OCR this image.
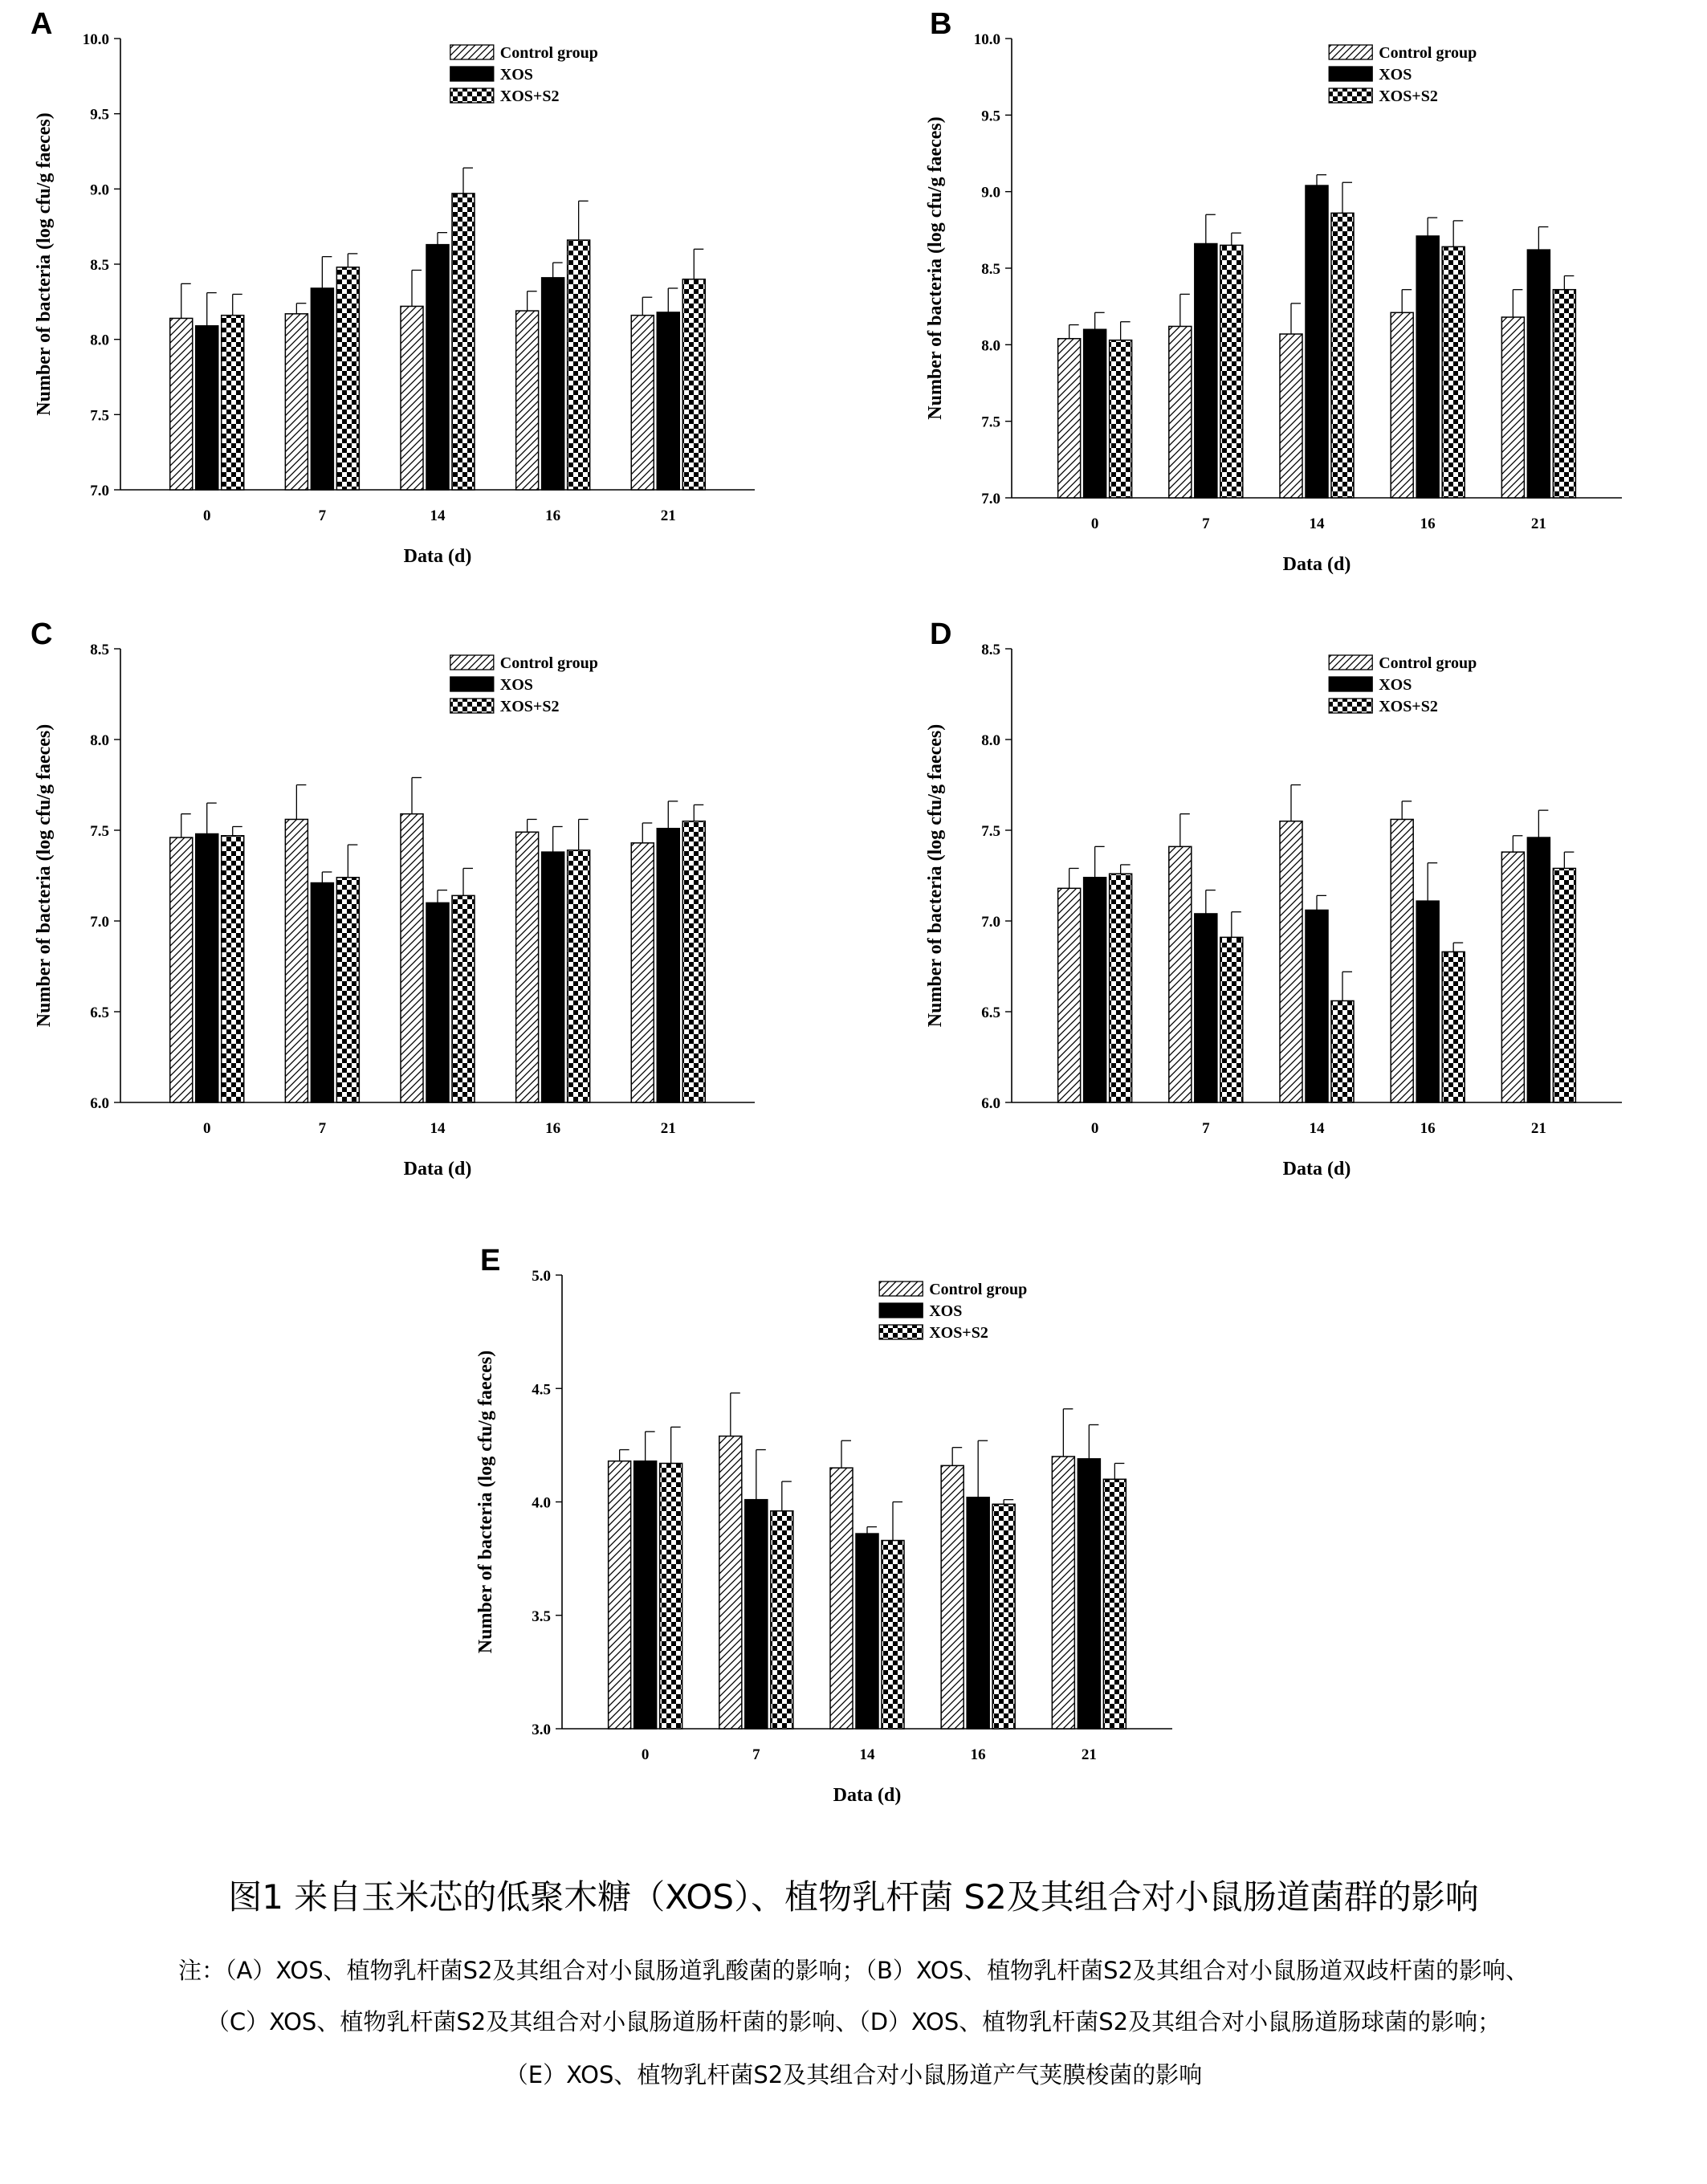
A
7.0
7.5
8.0
8.5
9.0
9.5
10.0
Number of bacteria (log cfu/g faeces)
Data (d)
0	7	14	16	21
Control group
XOS
XOS+S2
B
7.0
7.5
8.0
8.5
9.0
9.5
10.0
Number of bacteria (log cfu/g faeces)
Data (d)
0	7	14	16	21
Control group
XOS
XOS+S2
C
6.0
6.5
7.0
7.5
8.0
8.5
Number of bacteria (log cfu/g faeces)
Data (d)
0	7	14	16	21
Control group
XOS
XOS+S2
D
6.0
6.5
7.0
7.5
8.0
8.5
Number of bacteria (log cfu/g faeces)
Data (d)
0	7	14	16	21
Control group
XOS
XOS+S2
E
3.0
3.5
4.0
4.5
5.0
Number of bacteria (log cfu/g faeces)
Data (d)
0	7	14	16	21
Control group
XOS
XOS+S2
图1 来自玉米芯的低聚木糖（XOS）、植物乳杆菌 S2及其组合对小鼠肠道菌群的影响
注：（A）XOS、植物乳杆菌S2及其组合对小鼠肠道乳酸菌的影响；（B）XOS、植物乳杆菌S2及其组合对小鼠肠道双歧杆菌的影响、
（C）XOS、植物乳杆菌S2及其组合对小鼠肠道肠杆菌的影响、（D）XOS、植物乳杆菌S2及其组合对小鼠肠道肠球菌的影响；
（E）XOS、植物乳杆菌S2及其组合对小鼠肠道产气荚膜梭菌的影响
